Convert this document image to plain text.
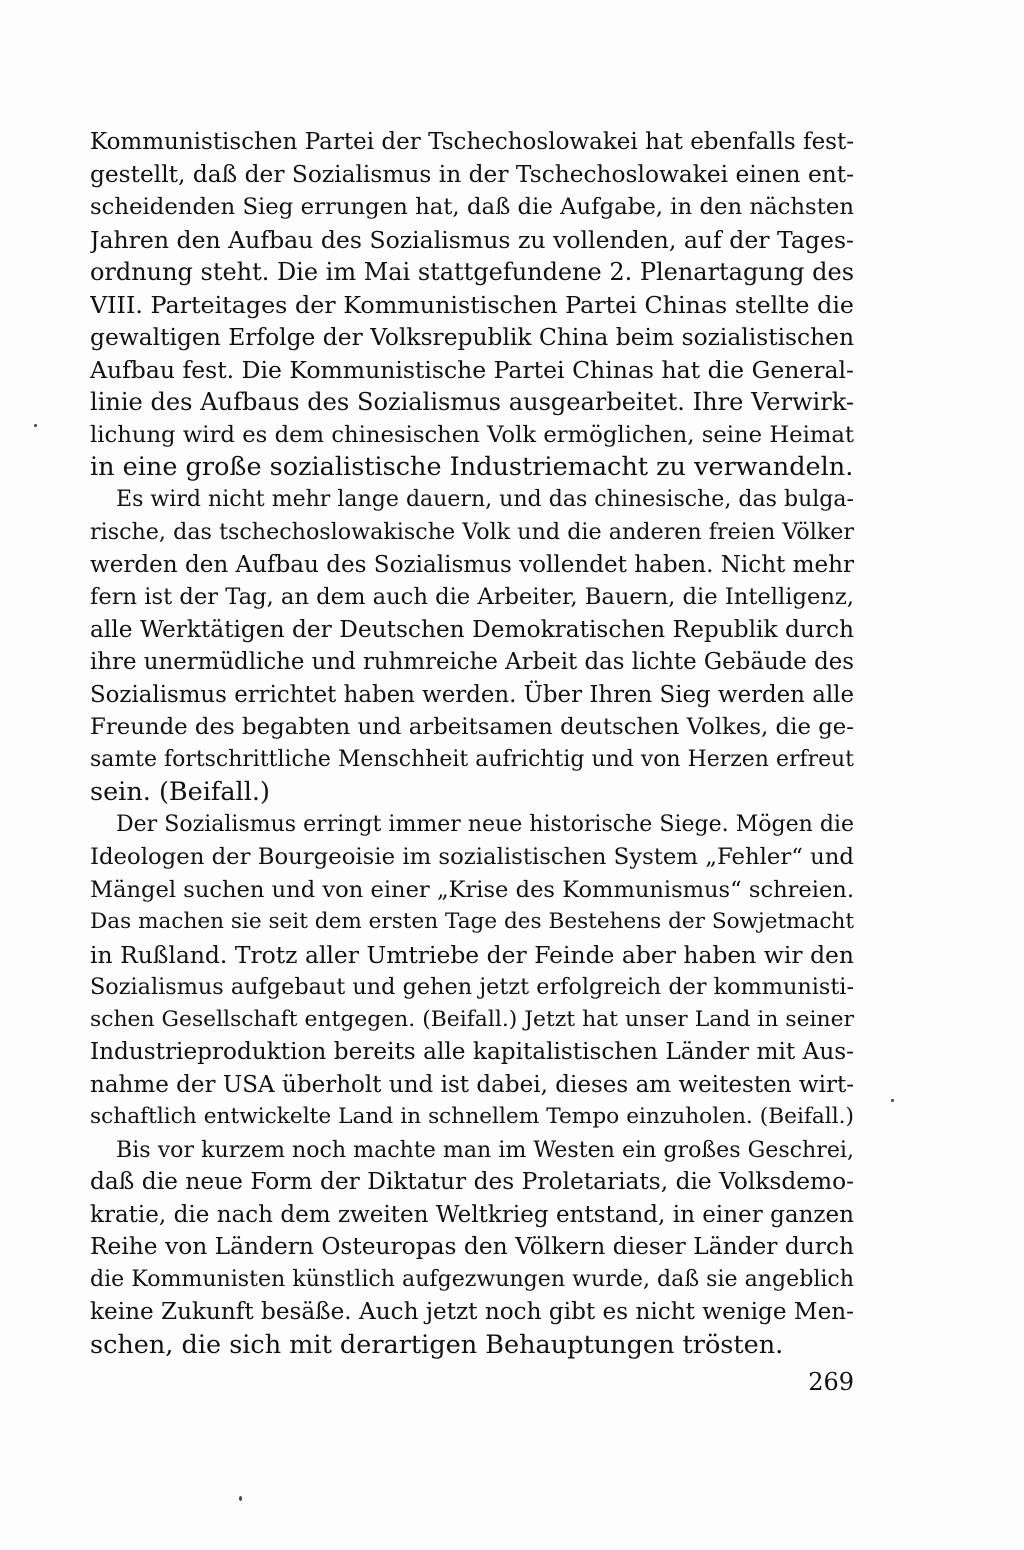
Kommunistischen Partei der Tschechoslowakei hat ebenfalls fest-
gestellt, daß der Sozialismus in der Tschechoslowakei einen ent-
scheidenden Sieg errungen hat, daß die Aufgabe, in den nächsten
Jahren den Aufbau des Sozialismus zu vollenden, auf der Tages-
ordnung steht. Die im Mai stattgefundene 2. Plenartagung des
VIII. Parteitages der Kommunistischen Partei Chinas stellte die
gewaltigen Erfolge der Volksrepublik China beim sozialistischen
Aufbau fest. Die Kommunistische Partei Chinas hat die General-
linie des Aufbaus des Sozialismus ausgearbeitet. Ihre Verwirk-
lichung wird es dem chinesischen Volk ermöglichen, seine Heimat
in eine große sozialistische Industriemacht zu verwandeln.
Es wird nicht mehr lange dauern, und das chinesische, das bulga-
rische, das tschechoslowakische Volk und die anderen freien Völker
werden den Aufbau des Sozialismus vollendet haben. Nicht mehr
fern ist der Tag, an dem auch die Arbeiter, Bauern, die Intelligenz,
alle Werktätigen der Deutschen Demokratischen Republik durch
ihre unermüdliche und ruhmreiche Arbeit das lichte Gebäude des
Sozialismus errichtet haben werden. Über Ihren Sieg werden alle
Freunde des begabten und arbeitsamen deutschen Volkes, die ge-
samte fortschrittliche Menschheit aufrichtig und von Herzen erfreut
sein. (Beifall.)
Der Sozialismus erringt immer neue historische Siege. Mögen die
Ideologen der Bourgeoisie im sozialistischen System „Fehler“ und
Mängel suchen und von einer „Krise des Kommunismus“ schreien.
Das machen sie seit dem ersten Tage des Bestehens der Sowjetmacht
in Rußland. Trotz aller Umtriebe der Feinde aber haben wir den
Sozialismus aufgebaut und gehen jetzt erfolgreich der kommunisti-
schen Gesellschaft entgegen. (Beifall.) Jetzt hat unser Land in seiner
Industrieproduktion bereits alle kapitalistischen Länder mit Aus-
nahme der USA überholt und ist dabei, dieses am weitesten wirt-
schaftlich entwickelte Land in schnellem Tempo einzuholen. (Beifall.)
Bis vor kurzem noch machte man im Westen ein großes Geschrei,
daß die neue Form der Diktatur des Proletariats, die Volksdemo-
kratie, die nach dem zweiten Weltkrieg entstand, in einer ganzen
Reihe von Ländern Osteuropas den Völkern dieser Länder durch
die Kommunisten künstlich aufgezwungen wurde, daß sie angeblich
keine Zukunft besäße. Auch jetzt noch gibt es nicht wenige Men-
schen, die sich mit derartigen Behauptungen trösten.
269
